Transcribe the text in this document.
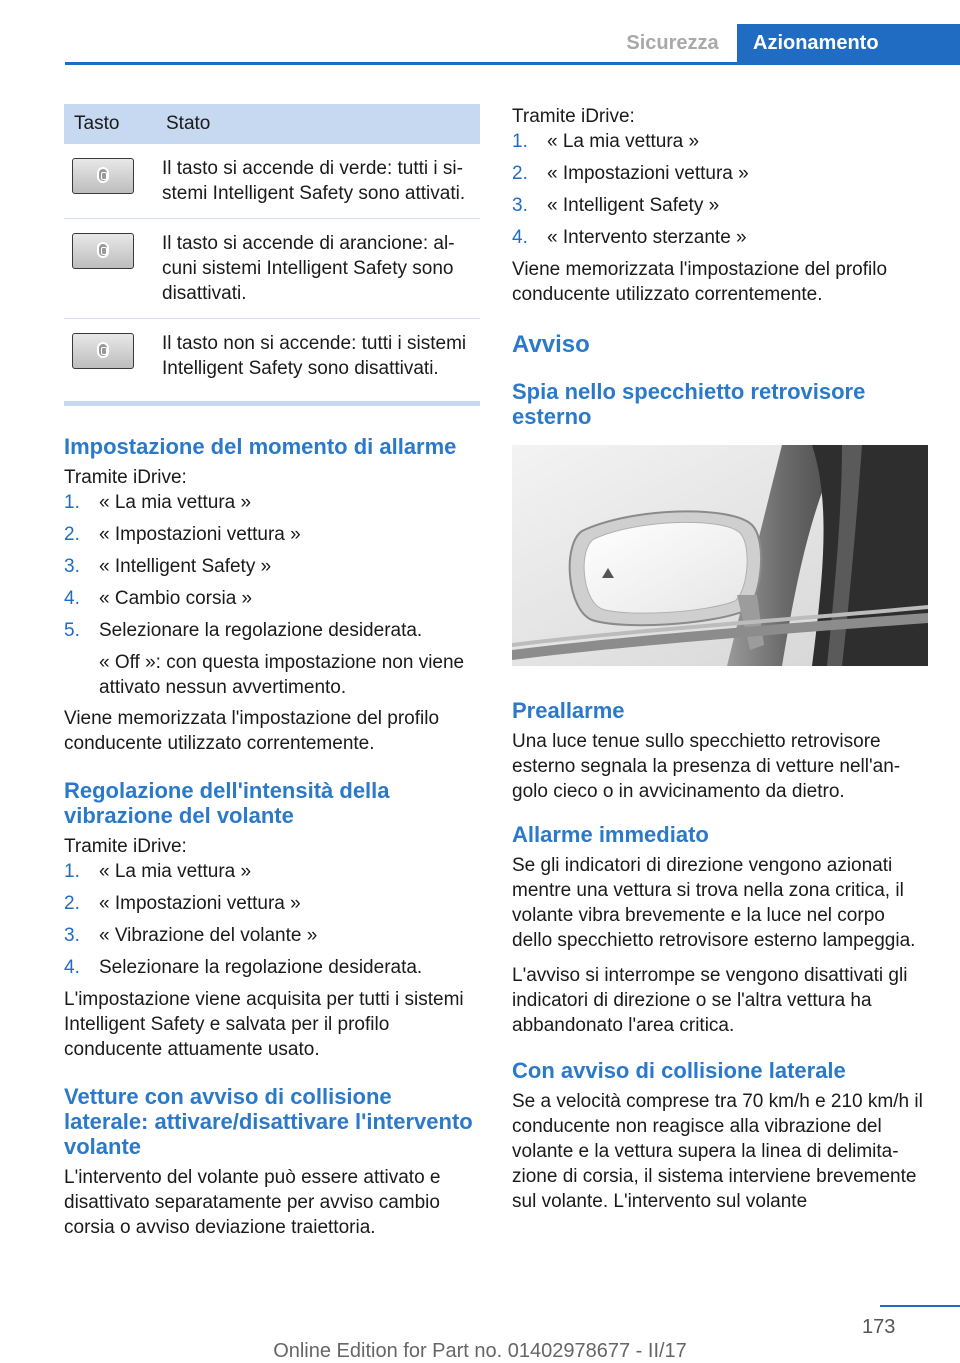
Sicurezza	Azionamento
Tasto	Stato

	Il tasto si accende di verde: tutti i sistemi Intelligent Safety sono attivati.

	Il tasto si accende di arancione: alcuni sistemi Intelligent Safety sono disattivati.

	Il tasto non si accende: tutti i sistemi Intelligent Safety sono disattivati.
Impostazione del momento di allarme

Tramite iDrive:

1. « La mia vettura »
2. « Impostazioni vettura »
3. « Intelligent Safety »
4. « Cambio corsia »
5. Selezionare la regolazione desiderata.

« Off »: con questa impostazione non viene attivato nessun avvertimento.

Viene memorizzata l'impostazione del profilo conducente utilizzato correntemente.

Regolazione dell'intensità della vibrazione del volante

Tramite iDrive:

1. « La mia vettura »
2. « Impostazioni vettura »
3. « Vibrazione del volante »
4. Selezionare la regolazione desiderata.

L'impostazione viene acquisita per tutti i sistemi Intelligent Safety e salvata per il profilo conducente attuamente usato.

Vetture con avviso di collisione laterale: attivare/disattivare l'intervento volante

L'intervento del volante può essere attivato e disattivato separatamente per avviso cambio corsia o avviso deviazione traiettoria.

Tramite iDrive:

1. « La mia vettura »
2. « Impostazioni vettura »
3. « Intelligent Safety »
4. « Intervento sterzante »

Viene memorizzata l'impostazione del profilo conducente utilizzato correntemente.

Avviso
Spia nello specchietto retrovisore esterno
Preallarme

Una luce tenue sullo specchietto retrovisore esterno segnala la presenza di vetture nell'angolo cieco o in avvicinamento da dietro.

Allarme immediato

Se gli indicatori di direzione vengono azionati mentre una vettura si trova nella zona critica, il volante vibra brevemente e la luce nel corpo dello specchietto retrovisore esterno lampeggia.

L'avviso si interrompe se vengono disattivati gli indicatori di direzione o se l'altra vettura ha abbandonato l'area critica.

Con avviso di collisione laterale

Se a velocità comprese tra 70 km/h e 210 km/h il conducente non reagisce alla vibrazione del volante e la vettura supera la linea di delimitazione di corsia, il sistema interviene brevemente sul volante. L'intervento sul volante

173
Online Edition for Part no. 01402978677 - II/17
